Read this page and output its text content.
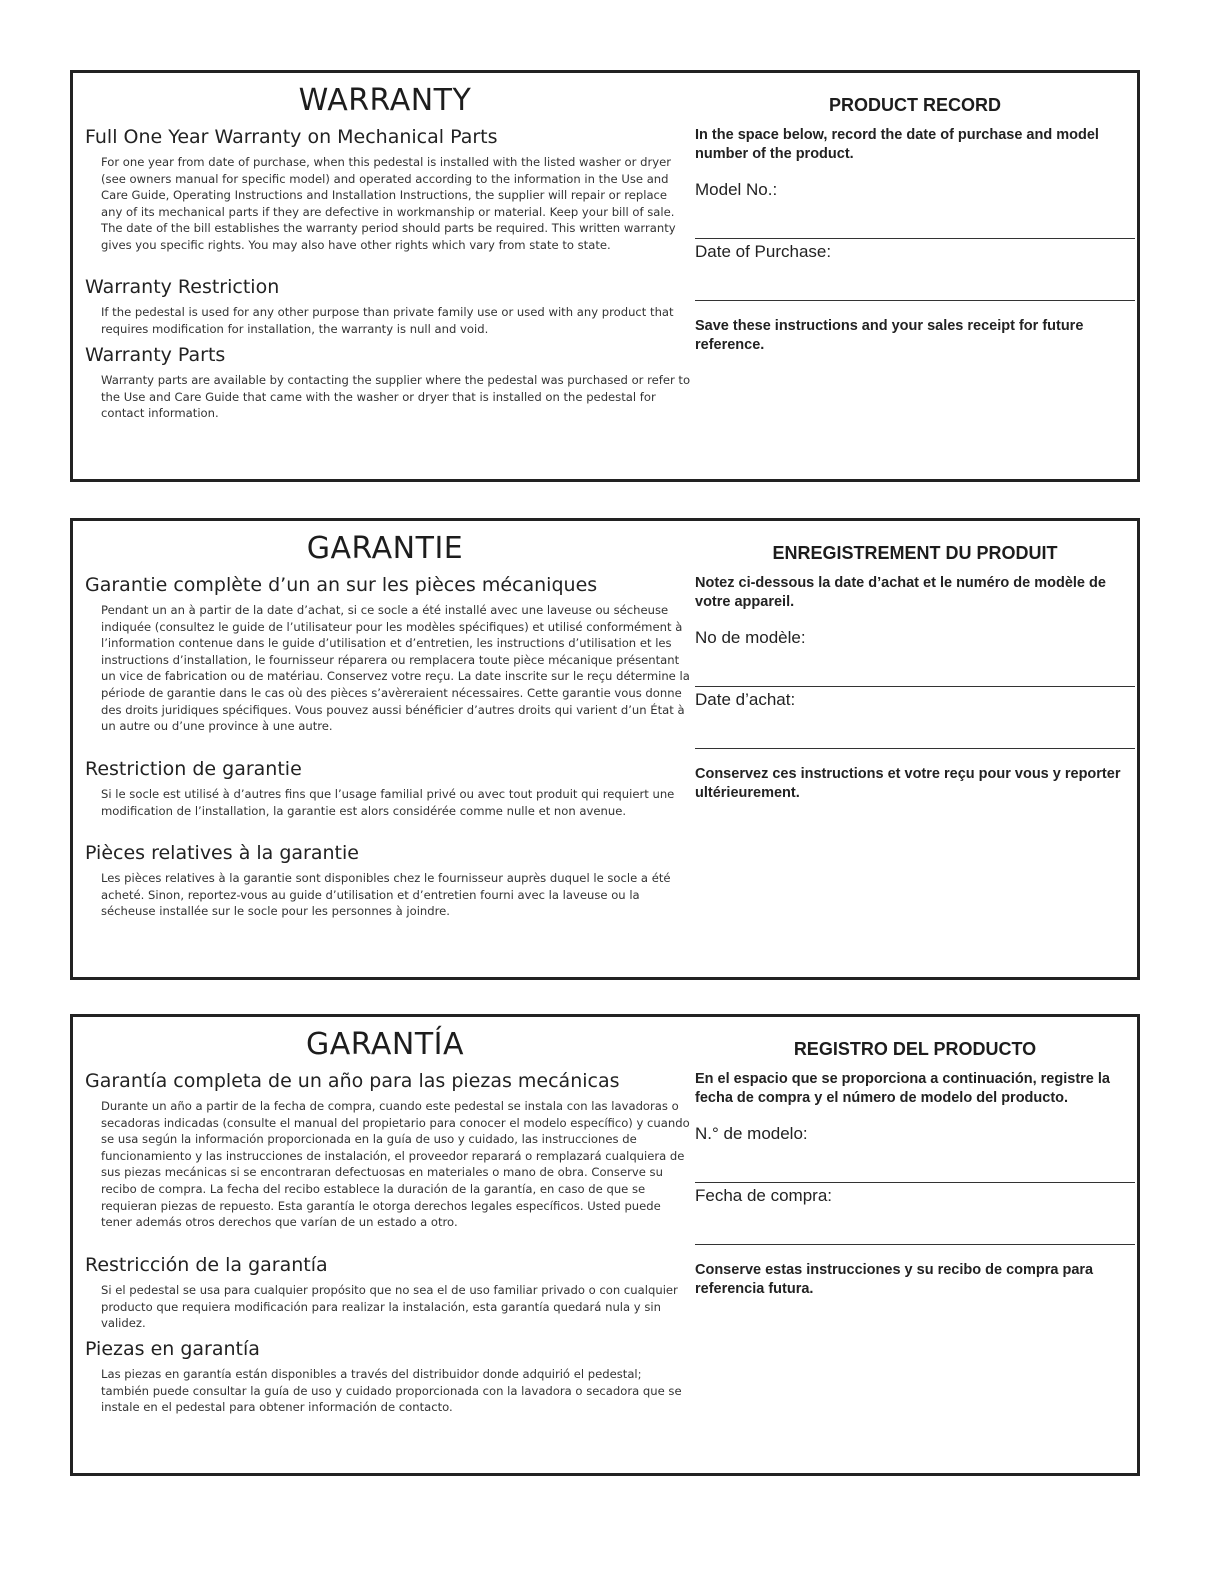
WARRANTY
Full One Year Warranty on Mechanical Parts

For one year from date of purchase, when this pedestal is installed with the listed washer or dryer (see owners manual for specific model) and operated according to the information in the Use and Care Guide, Operating Instructions and Installation Instructions, the supplier will repair or replace any of its mechanical parts if they are defective in workmanship or material. Keep your bill of sale. The date of the bill establishes the warranty period should parts be required. This written warranty gives you specific rights. You may also have other rights which vary from state to state.

Warranty Restriction

If the pedestal is used for any other purpose than private family use or used with any product that requires modification for installation, the warranty is null and void.

Warranty Parts

Warranty parts are available by contacting the supplier where the pedestal was purchased or refer to the Use and Care Guide that came with the washer or dryer that is installed on the pedestal for contact information.

PRODUCT RECORD

In the space below, record the date of purchase and model number of the product.

Model No.:

Date of Purchase:

Save these instructions and your sales receipt for future reference.

GARANTIE
Garantie complète d’un an sur les pièces mécaniques

Pendant un an à partir de la date d’achat, si ce socle a été installé avec une laveuse ou sécheuse indiquée (consultez le guide de l’utilisateur pour les modèles spécifiques) et utilisé conformément à l’information contenue dans le guide d’utilisation et d’entretien, les instructions d’utilisation et les instructions d’installation, le fournisseur réparera ou remplacera toute pièce mécanique présentant un vice de fabrication ou de matériau. Conservez votre reçu. La date inscrite sur le reçu détermine la période de garantie dans le cas où des pièces s’avèreraient nécessaires. Cette garantie vous donne des droits juridiques spécifiques. Vous pouvez aussi bénéficier d’autres droits qui varient d’un État à un autre ou d’une province à une autre.

Restriction de garantie

Si le socle est utilisé à d’autres fins que l’usage familial privé ou avec tout produit qui requiert une modification de l’installation, la garantie est alors considérée comme nulle et non avenue.

Pièces relatives à la garantie

Les pièces relatives à la garantie sont disponibles chez le fournisseur auprès duquel le socle a été acheté. Sinon, reportez-vous au guide d’utilisation et d’entretien fourni avec la laveuse ou la sécheuse installée sur le socle pour les personnes à joindre.

ENREGISTREMENT DU PRODUIT

Notez ci-dessous la date d’achat et le numéro de modèle de votre appareil.

No de modèle:

Date d’achat:

Conservez ces instructions et votre reçu pour vous y reporter ultérieurement.

GARANTÍA
Garantía completa de un año para las piezas mecánicas

Durante un año a partir de la fecha de compra, cuando este pedestal se instala con las lavadoras o secadoras indicadas (consulte el manual del propietario para conocer el modelo específico) y cuando se usa según la información proporcionada en la guía de uso y cuidado, las instrucciones de funcionamiento y las instrucciones de instalación, el proveedor reparará o remplazará cualquiera de sus piezas mecánicas si se encontraran defectuosas en materiales o mano de obra. Conserve su recibo de compra. La fecha del recibo establece la duración de la garantía, en caso de que se requieran piezas de repuesto. Esta garantía le otorga derechos legales específicos. Usted puede tener además otros derechos que varían de un estado a otro.

Restricción de la garantía

Si el pedestal se usa para cualquier propósito que no sea el de uso familiar privado o con cualquier producto que requiera modificación para realizar la instalación, esta garantía quedará nula y sin validez.

Piezas en garantía

Las piezas en garantía están disponibles a través del distribuidor donde adquirió el pedestal; también puede consultar la guía de uso y cuidado proporcionada con la lavadora o secadora que se instale en el pedestal para obtener información de contacto.

REGISTRO DEL PRODUCTO

En el espacio que se proporciona a continuación, registre la fecha de compra y el número de modelo del producto.

N.° de modelo:

Fecha de compra:

Conserve estas instrucciones y su recibo de compra para referencia futura.
